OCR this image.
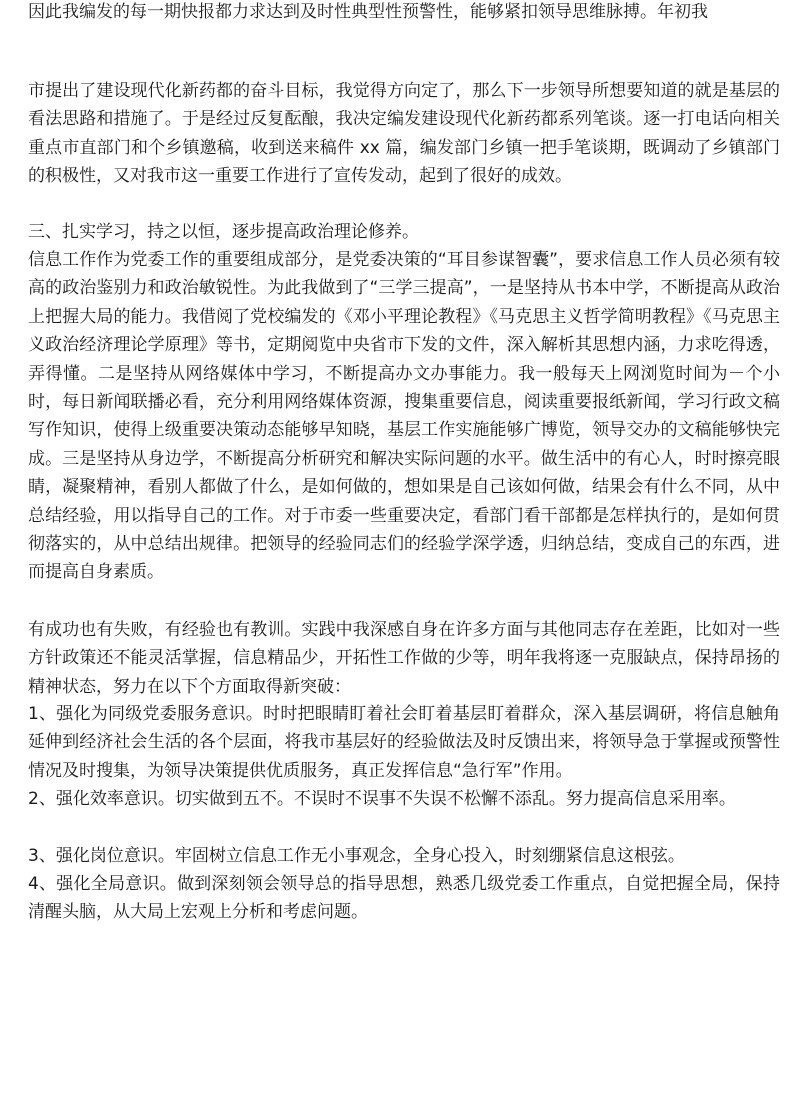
因此我编发的每一期快报都力求达到及时性典型性预警性，能够紧扣领导思维脉搏。年初我

市提出了建设现代化新药都的奋斗目标，我觉得方向定了，那么下一步领导所想要知道的就是基层的看法思路和措施了。于是经过反复酝酿，我决定编发建设现代化新药都系列笔谈。逐一打电话向相关重点市直部门和个乡镇邀稿，收到送来稿件 xx 篇，编发部门乡镇一把手笔谈期，既调动了乡镇部门的积极性，又对我市这一重要工作进行了宣传发动，起到了很好的成效。

三、扎实学习，持之以恒，逐步提高政治理论修养。

信息工作作为党委工作的重要组成部分，是党委决策的“耳目参谋智囊”，要求信息工作人员必须有较高的政治鉴别力和政治敏锐性。为此我做到了“三学三提高”，一是坚持从书本中学，不断提高从政治上把握大局的能力。我借阅了党校编发的《邓小平理论教程》《马克思主义哲学简明教程》《马克思主义政治经济理论学原理》等书，定期阅览中央省市下发的文件，深入解析其思想内涵，力求吃得透，弄得懂。二是坚持从网络媒体中学习，不断提高办文办事能力。我一般每天上网浏览时间为－个小时，每日新闻联播必看，充分利用网络媒体资源，搜集重要信息，阅读重要报纸新闻，学习行政文稿写作知识，使得上级重要决策动态能够早知晓，基层工作实施能够广博览，领导交办的文稿能够快完成。三是坚持从身边学，不断提高分析研究和解决实际问题的水平。做生活中的有心人，时时擦亮眼睛，凝聚精神，看别人都做了什么，是如何做的，想如果是自己该如何做，结果会有什么不同，从中总结经验，用以指导自己的工作。对于市委一些重要决定，看部门看干部都是怎样执行的，是如何贯彻落实的，从中总结出规律。把领导的经验同志们的经验学深学透，归纳总结，变成自己的东西，进而提高自身素质。

有成功也有失败，有经验也有教训。实践中我深感自身在许多方面与其他同志存在差距，比如对一些方针政策还不能灵活掌握，信息精品少，开拓性工作做的少等，明年我将逐一克服缺点，保持昂扬的精神状态，努力在以下个方面取得新突破：

1、强化为同级党委服务意识。时时把眼睛盯着社会盯着基层盯着群众，深入基层调研，将信息触角延伸到经济社会生活的各个层面，将我市基层好的经验做法及时反馈出来，将领导急于掌握或预警性情况及时搜集，为领导决策提供优质服务，真正发挥信息“急行军”作用。

2、强化效率意识。切实做到五不。不误时不误事不失误不松懈不添乱。努力提高信息采用率。

3、强化岗位意识。牢固树立信息工作无小事观念，全身心投入，时刻绷紧信息这根弦。

4、强化全局意识。做到深刻领会领导总的指导思想，熟悉几级党委工作重点，自觉把握全局，保持清醒头脑，从大局上宏观上分析和考虑问题。
